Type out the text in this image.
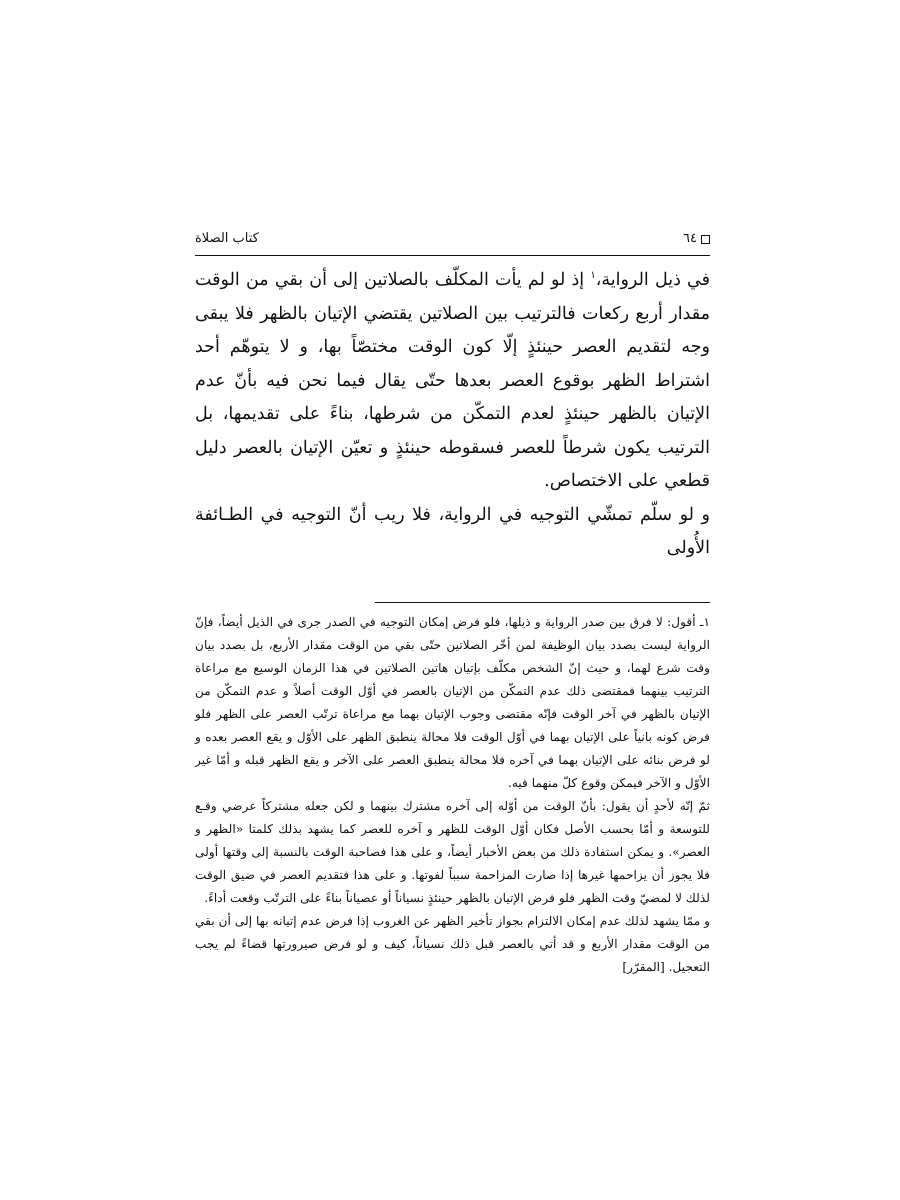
٦٤
كتاب الصلاة

في ذيل الرواية،$^١$ إذ لو لم يأت المكلّف بالصلاتين إلى أن بقي من الوقت مقدار أربع ركعات فالترتيب بين الصلاتين يقتضي الإتيان بالظهر فلا يبقى وجه لتقديم العصر حينئذٍ إلّا كون الوقت مختصّاً بها، و لا يتوهّم أحد اشتراط الظهر بوقوع العصر بعدها حتّى يقال فيما نحن فيه بأنّ عدم الإتيان بالظهر حينئذٍ لعدم التمكّن من شرطها، بناءً على تقديمها، بل الترتيب يكون شرطاً للعصر فسقوطه حينئذٍ و تعيّن الإتيان بالعصر دليل قطعي على الاختصاص.

و لو سلّم تمشّي التوجيه في الرواية، فلا ريب أنّ التوجيه في الطـائفة الأُولى

١ـ أقول: لا فرق بين صدر الرواية و ذيلها، فلو فرض إمكان التوجيه في الصدر جرى في الذيل أيضاً، فإنّ الرواية ليست بصدد بيان الوظيفة لمن أخّر الصلاتين حتّى بقي من الوقت مقدار الأربع، بل بصدد بيان وقت شرع لهما، و حيث إنّ الشخص مكلّف بإتيان هاتين الصلاتين في هذا الزمان الوسيع مع مراعاة الترتيب بينهما فمقتضى ذلك عدم التمكّن من الإتيان بالعصر في أوّل الوقت أصلاً و عدم التمكّن من الإتيان بالظهر في آخر الوقت فإنّه مقتضى وجوب الإتيان بهما مع مراعاة ترتّب العصر على الظهر فلو فرض كونه بانياً على الإتيان بهما في أوّل الوقت فلا محالة ينطبق الظهر على الأوّل و يقع العصر بعده و لو فرض بنائه على الإتيان بهما في آخره فلا محالة ينطبق العصر على الآخر و يقع الظهر قبله و أمّا غير الأوّل و الآخر فيمكن وقوع كلّ منهما فيه.

ثمّ إنّه لأحدٍ أن يقول: بأنّ الوقت من أوّله إلى آخره مشترك بينهما و لكن جعله مشتركاً عرضي وقـع للتوسعة و أمّا بحسب الأصل فكان أوّل الوقت للظهر و آخره للعصر كما يشهد بذلك كلمتا «الظهر و العصر». و يمكن استفادة ذلك من بعض الأخبار أيضاً، و على هذا فصاحبة الوقت بالنسبة إلى وقتها أولى فلا يجوز أن يزاحمها غيرها إذا صارت المزاحمة سبباً لفوتها. و على هذا فتقديم العصر في ضيق الوقت لذلك لا لمضيّ وقت الظهر فلو فرض الإتيان بالظهر حينئذٍ نسياناً أو عصياناً بناءً على الترتّب وقعت أداءً.

و ممّا يشهد لذلك عدم إمكان الالتزام بجواز تأخير الظهر عن الغروب إذا فرض عدم إتيانه بها إلى أن بقي من الوقت مقدار الأربع و قد أتي بالعصر قبل ذلك نسياناً، كيف و لو فرض صيرورتها قضاءً لم يجب التعجيل. [المقرّر]
